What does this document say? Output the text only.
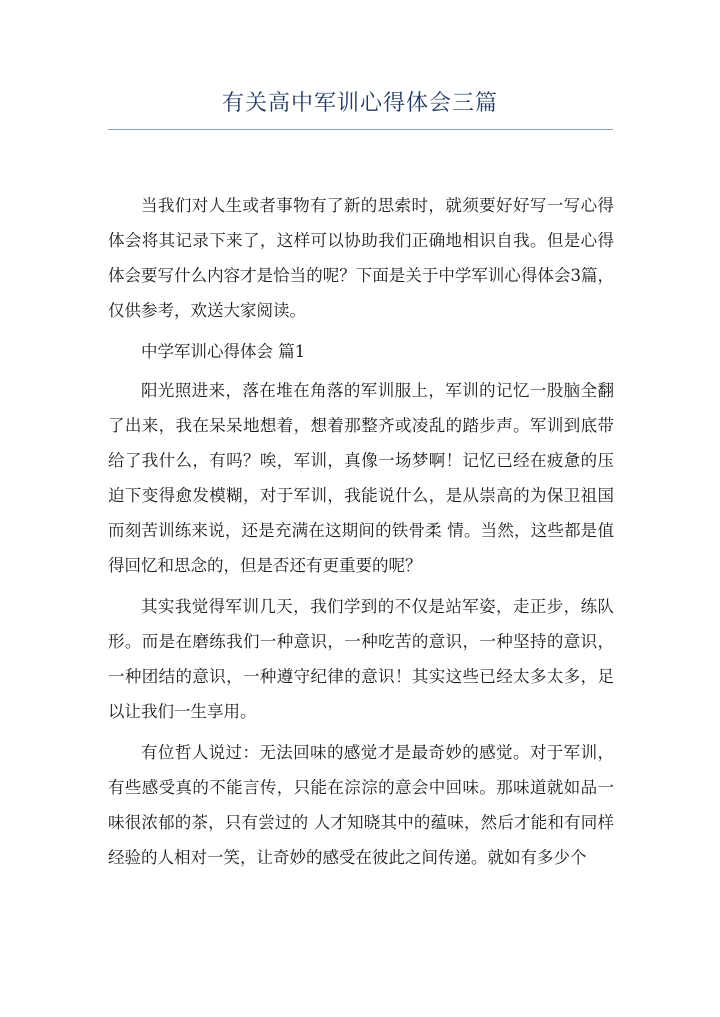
有关高中军训心得体会三篇

当我们对人生或者事物有了新的思索时，就须要好好写一写心得体会将其记录下来了，这样可以协助我们正确地相识自我。但是心得体会要写什么内容才是恰当的呢？下面是关于中学军训心得体会3篇，仅供参考，欢送大家阅读。

中学军训心得体会 篇1

阳光照进来，落在堆在角落的军训服上，军训的记忆一股脑全翻了出来，我在呆呆地想着，想着那整齐或凌乱的踏步声。军训到底带给了我什么，有吗？唉，军训，真像一场梦啊！记忆已经在疲惫的压迫下变得愈发模糊，对于军训，我能说什么，是从崇高的为保卫祖国而刻苦训练来说，还是充满在这期间的铁骨柔 情。当然，这些都是值得回忆和思念的，但是否还有更重要的呢？

其实我觉得军训几天，我们学到的不仅是站军姿，走正步，练队形。而是在磨练我们一种意识，一种吃苦的意识，一种坚持的意识，一种团结的意识，一种遵守纪律的意识！其实这些已经太多太多，足以让我们一生享用。

有位哲人说过：无法回味的感觉才是最奇妙的感觉。对于军训，有些感受真的不能言传，只能在淙淙的意会中回味。那味道就如品一味很浓郁的茶，只有尝过的 人才知晓其中的蕴味，然后才能和有同样经验的人相对一笑，让奇妙的感受在彼此之间传递。就如有多少个
